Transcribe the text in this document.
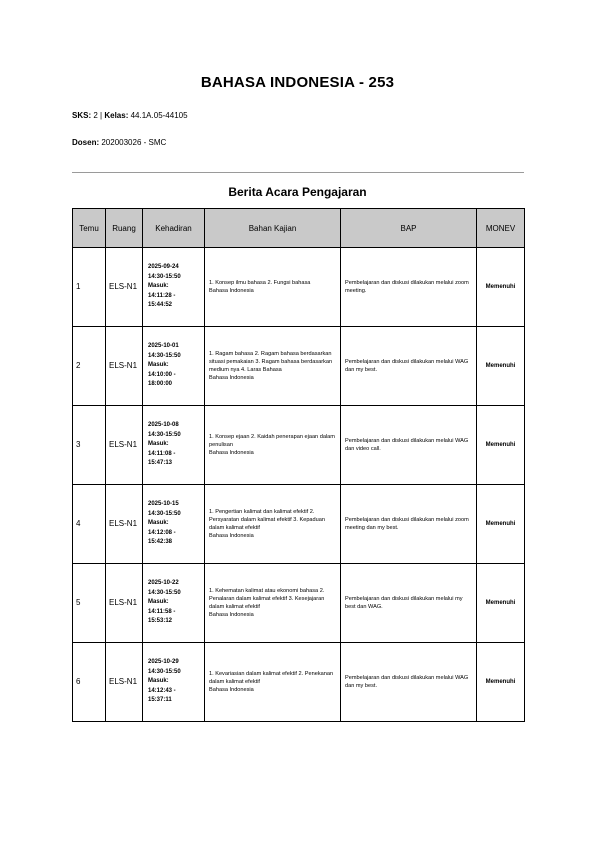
BAHASA INDONESIA - 253
SKS: 2 | Kelas: 44.1A.05-44105
Dosen: 202003026 - SMC
Berita Acara Pengajaran
Temu	Ruang	Kehadiran	Bahan Kajian	BAP	MONEV
1	ELS-N1	2025-09-24
14:30-15:50
Masuk:
14:11:28 -
15:44:52	1. Konsep ilmu bahasa 2. Fungsi bahasa
Bahasa Indonesia	Pembelajaran dan diskusi dilakukan melalui zoom meeting.	Memenuhi
2	ELS-N1	2025-10-01
14:30-15:50
Masuk:
14:10:00 -
18:00:00	1. Ragam bahasa 2. Ragam bahasa berdasarkan situasi pemakaian 3. Ragam bahasa berdasarkan medium nya 4. Laras Bahasa
Bahasa Indonesia	Pembelajaran dan diskusi dilakukan melalui WAG dan my best.	Memenuhi
3	ELS-N1	2025-10-08
14:30-15:50
Masuk:
14:11:08 -
15:47:13	1. Konsep ejaan 2. Kaidah penerapan ejaan dalam penulisan
Bahasa Indonesia	Pembelajaran dan diskusi dilakukan melalui WAG dan video call.	Memenuhi
4	ELS-N1	2025-10-15
14:30-15:50
Masuk:
14:12:08 -
15:42:38	1. Pengertian kalimat dan kalimat efektif 2. Persyaratan dalam kalimat efektif 3. Kepaduan dalam kalimat efektif
Bahasa Indonesia	Pembelajaran dan diskusi dilakukan melalui zoom meeting dan my best.	Memenuhi
5	ELS-N1	2025-10-22
14:30-15:50
Masuk:
14:11:58 -
15:53:12	1. Kehematan kalimat atau ekonomi bahasa 2. Penalaran dalam kalimat efektif 3. Kesejajaran dalam kalimat efektif
Bahasa Indonesia	Pembelajaran dan diskusi dilakukan melalui my best dan WAG.	Memenuhi
6	ELS-N1	2025-10-29
14:30-15:50
Masuk:
14:12:43 -
15:37:11	1. Kevariasian dalam kalimat efektif 2. Penekanan dalam kalimat efektif
Bahasa Indonesia	Pembelajaran dan diskusi dilakukan melalui WAG dan my best.	Memenuhi
